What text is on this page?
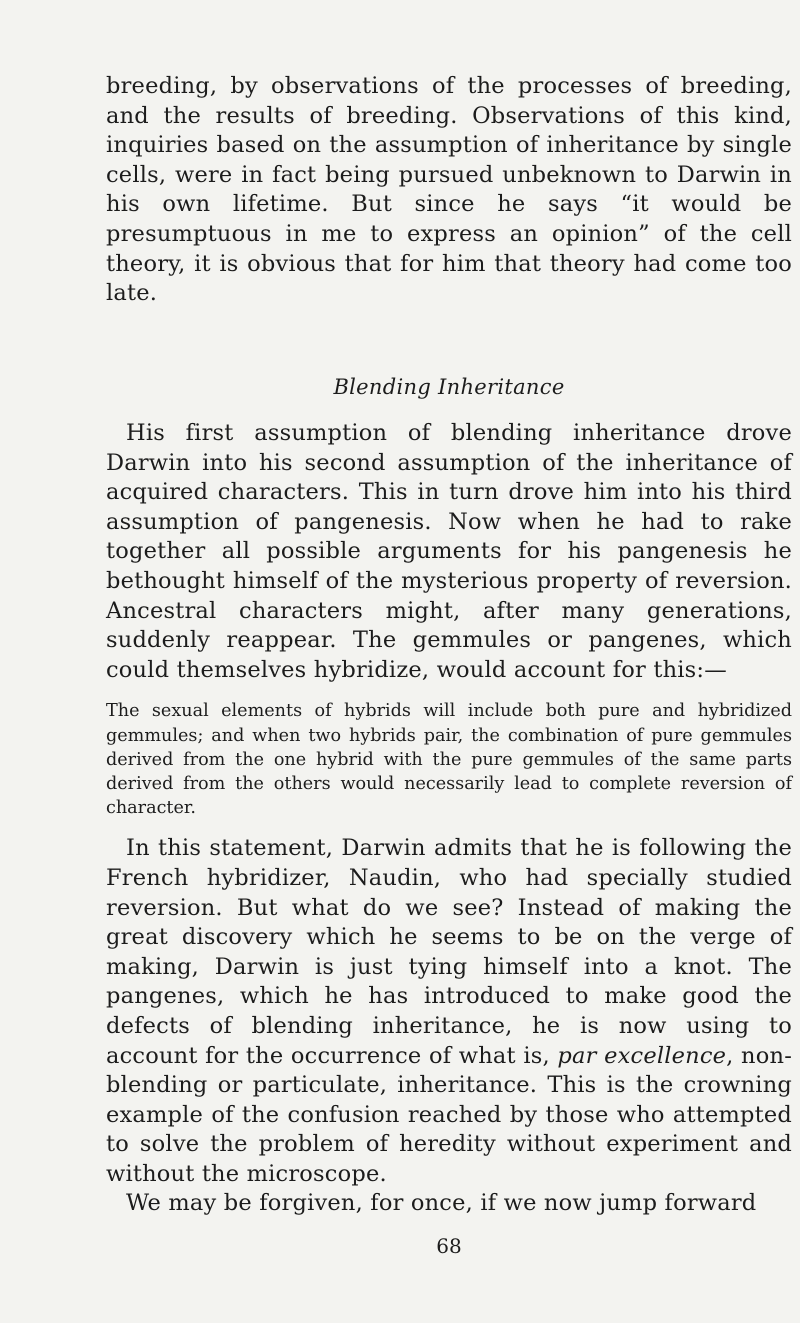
breeding, by observations of the processes of breeding, and the results of breeding. Observations of this kind, inquiries based on the assumption of inheritance by single cells, were in fact being pursued unbeknown to Darwin in his own lifetime. But since he says “it would be presumptuous in me to express an opinion” of the cell theory, it is obvious that for him that theory had come too late.

Blending Inheritance

His first assumption of blending inheritance drove Darwin into his second assumption of the inheritance of acquired characters. This in turn drove him into his third assumption of pangenesis. Now when he had to rake together all possible arguments for his pangenesis he bethought himself of the mysterious property of reversion. Ancestral characters might, after many generations, suddenly reappear. The gemmules or pangenes, which could themselves hybridize, would account for this:—

The sexual elements of hybrids will include both pure and hybridized gemmules; and when two hybrids pair, the combination of pure gemmules derived from the one hybrid with the pure gemmules of the same parts derived from the others would necessarily lead to complete reversion of character.

In this statement, Darwin admits that he is following the French hybridizer, Naudin, who had specially studied reversion. But what do we see? Instead of making the great discovery which he seems to be on the verge of making, Darwin is just tying himself into a knot. The pangenes, which he has introduced to make good the defects of blending inheritance, he is now using to account for the occurrence of what is, par excellence, non-blending or particulate, inheritance. This is the crowning example of the confusion reached by those who attempted to solve the problem of heredity without experiment and without the microscope.

We may be forgiven, for once, if we now jump forward

68
